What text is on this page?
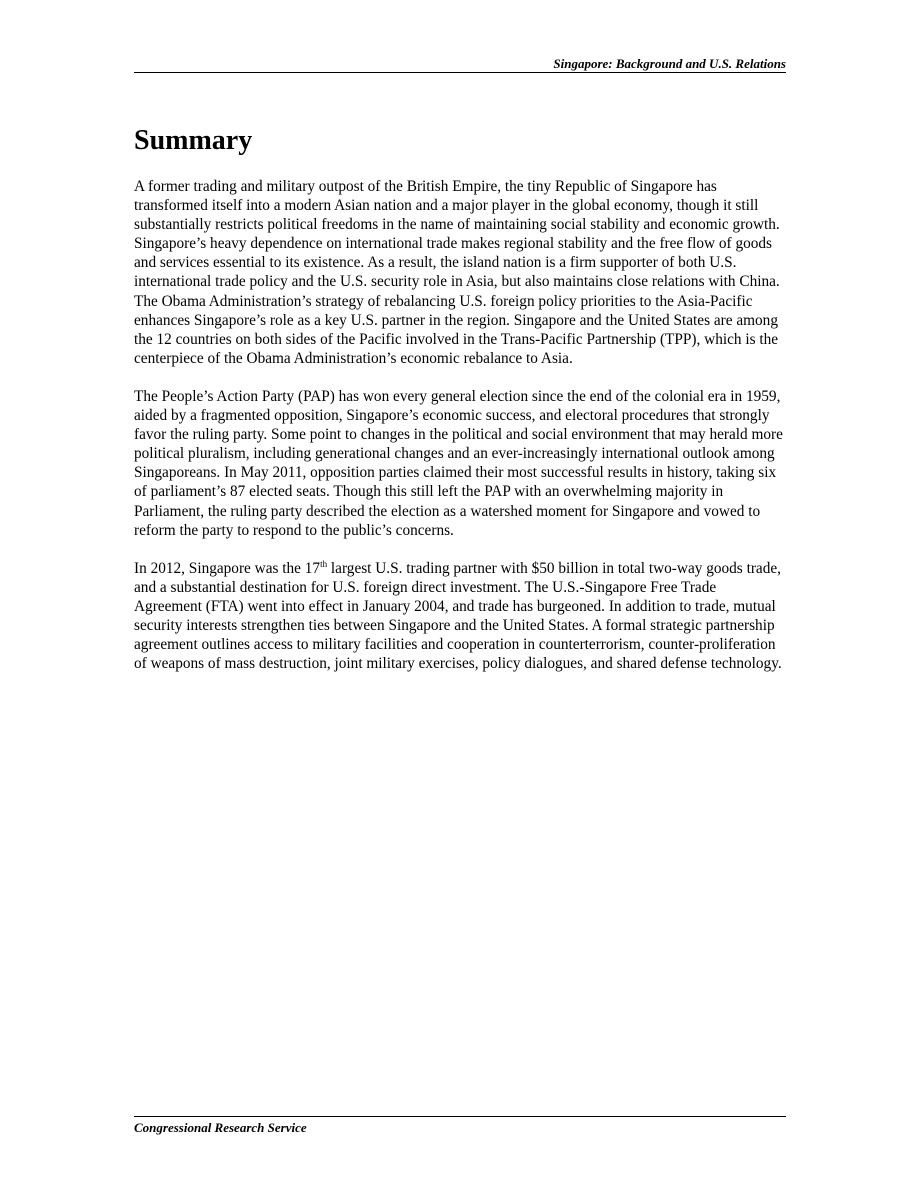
Singapore: Background and U.S. Relations
Summary

A former trading and military outpost of the British Empire, the tiny Republic of Singapore has transformed itself into a modern Asian nation and a major player in the global economy, though it still substantially restricts political freedoms in the name of maintaining social stability and economic growth. Singapore’s heavy dependence on international trade makes regional stability and the free flow of goods and services essential to its existence. As a result, the island nation is a firm supporter of both U.S. international trade policy and the U.S. security role in Asia, but also maintains close relations with China. The Obama Administration’s strategy of rebalancing U.S. foreign policy priorities to the Asia-Pacific enhances Singapore’s role as a key U.S. partner in the region. Singapore and the United States are among the 12 countries on both sides of the Pacific involved in the Trans-Pacific Partnership (TPP), which is the centerpiece of the Obama Administration’s economic rebalance to Asia.

The People’s Action Party (PAP) has won every general election since the end of the colonial era in 1959, aided by a fragmented opposition, Singapore’s economic success, and electoral procedures that strongly favor the ruling party. Some point to changes in the political and social environment that may herald more political pluralism, including generational changes and an ever-increasingly international outlook among Singaporeans. In May 2011, opposition parties claimed their most successful results in history, taking six of parliament’s 87 elected seats. Though this still left the PAP with an overwhelming majority in Parliament, the ruling party described the election as a watershed moment for Singapore and vowed to reform the party to respond to the public’s concerns.

In 2012, Singapore was the 17th largest U.S. trading partner with $50 billion in total two-way goods trade, and a substantial destination for U.S. foreign direct investment. The U.S.-Singapore Free Trade Agreement (FTA) went into effect in January 2004, and trade has burgeoned. In addition to trade, mutual security interests strengthen ties between Singapore and the United States. A formal strategic partnership agreement outlines access to military facilities and cooperation in counterterrorism, counter-proliferation of weapons of mass destruction, joint military exercises, policy dialogues, and shared defense technology.

Congressional Research Service
